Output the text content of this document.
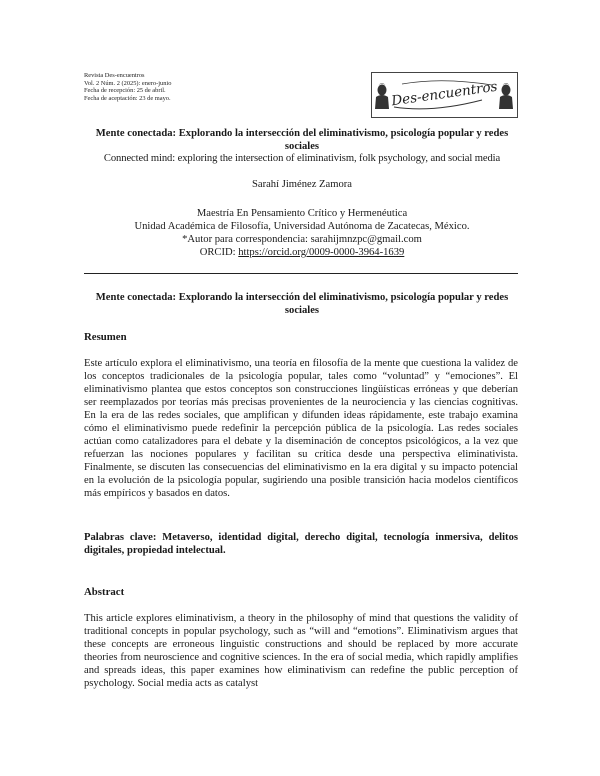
Revista Des-encuentros
Vol. 2 Núm. 2 (2025): enero-junio
Fecha de recepción: 25 de abril.
Fecha de aceptación: 23 de mayo.	Des-encuentros
Mente conectada: Explorando la intersección del eliminativismo, psicología popular y redes sociales
Connected mind: exploring the intersection of eliminativism, folk psychology, and social media
Sarahí Jiménez Zamora
Maestría En Pensamiento Crítico y Hermenéutica
Unidad Académica de Filosofía, Universidad Autónoma de Zacatecas, México.
*Autor para correspondencia: sarahijmnzpc@gmail.com
ORCID: https://orcid.org/0009-0000-3964-1639
Mente conectada: Explorando la intersección del eliminativismo, psicología popular y redes sociales
Resumen
Este artículo explora el eliminativismo, una teoría en filosofía de la mente que cuestiona la validez de los conceptos tradicionales de la psicología popular, tales como “voluntad” y “emociones”. El eliminativismo plantea que estos conceptos son construcciones lingüísticas erróneas y que deberían ser reemplazados por teorías más precisas provenientes de la neurociencia y las ciencias cognitivas. En la era de las redes sociales, que amplifican y difunden ideas rápidamente, este trabajo examina cómo el eliminativismo puede redefinir la percepción pública de la psicología. Las redes sociales actúan como catalizadores para el debate y la diseminación de conceptos psicológicos, a la vez que refuerzan las nociones populares y facilitan su crítica desde una perspectiva eliminativista. Finalmente, se discuten las consecuencias del eliminativismo en la era digital y su impacto potencial en la evolución de la psicología popular, sugiriendo una posible transición hacia modelos científicos más empíricos y basados en datos.
Palabras clave: Metaverso, identidad digital, derecho digital, tecnología inmersiva, delitos digitales, propiedad intelectual.
Abstract
This article explores eliminativism, a theory in the philosophy of mind that questions the validity of traditional concepts in popular psychology, such as “will and “emotions”. Eliminativism argues that these concepts are erroneous linguistic constructions and should be replaced by more accurate theories from neuroscience and cognitive sciences. In the era of social media, which rapidly amplifies and spreads ideas, this paper examines how eliminativism can redefine the public perception of psychology. Social media acts as catalyst
